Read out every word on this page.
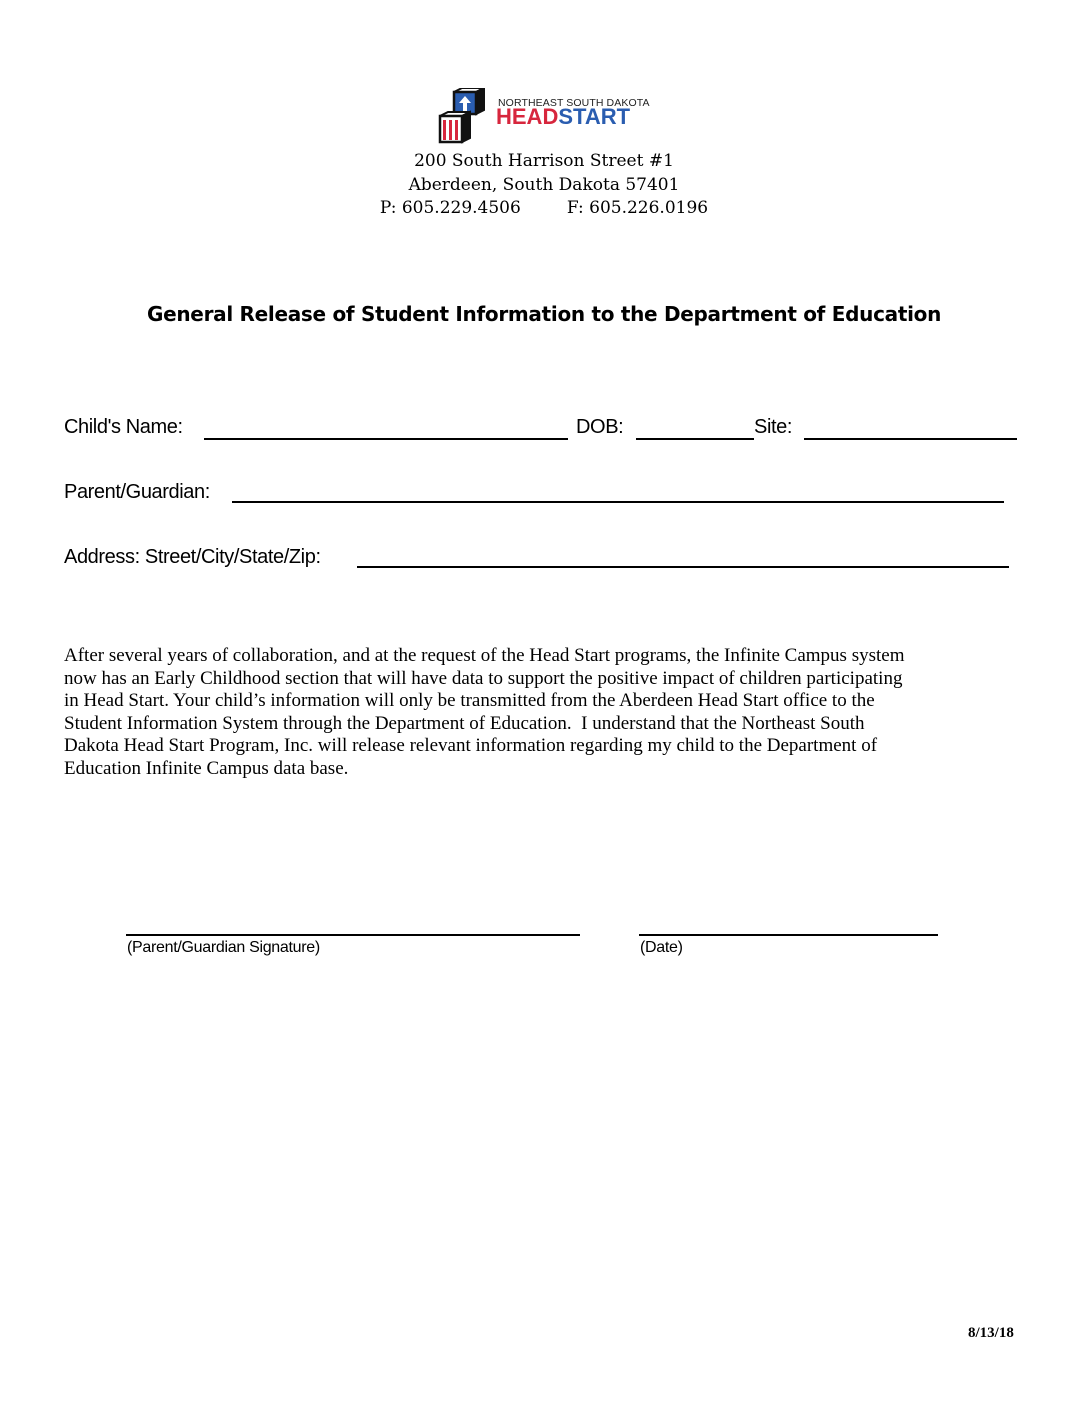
NORTHEAST SOUTH DAKOTA
HEADSTART
200 South Harrison Street #1
Aberdeen, South Dakota 57401
P: 605.229.4506	F: 605.226.0196
General Release of Student Information to the Department of Education
Child's Name:	DOB:	Site:
Parent/Guardian:
Address: Street/City/State/Zip:
After several years of collaboration, and at the request of the Head Start programs, the Infinite Campus system
now has an Early Childhood section that will have data to support the positive impact of children participating
in Head Start. Your child’s information will only be transmitted from the Aberdeen Head Start office to the
Student Information System through the Department of Education.  I understand that the Northeast South
Dakota Head Start Program, Inc. will release relevant information regarding my child to the Department of
Education Infinite Campus data base.
(Parent/Guardian Signature)	(Date)
8/13/18
